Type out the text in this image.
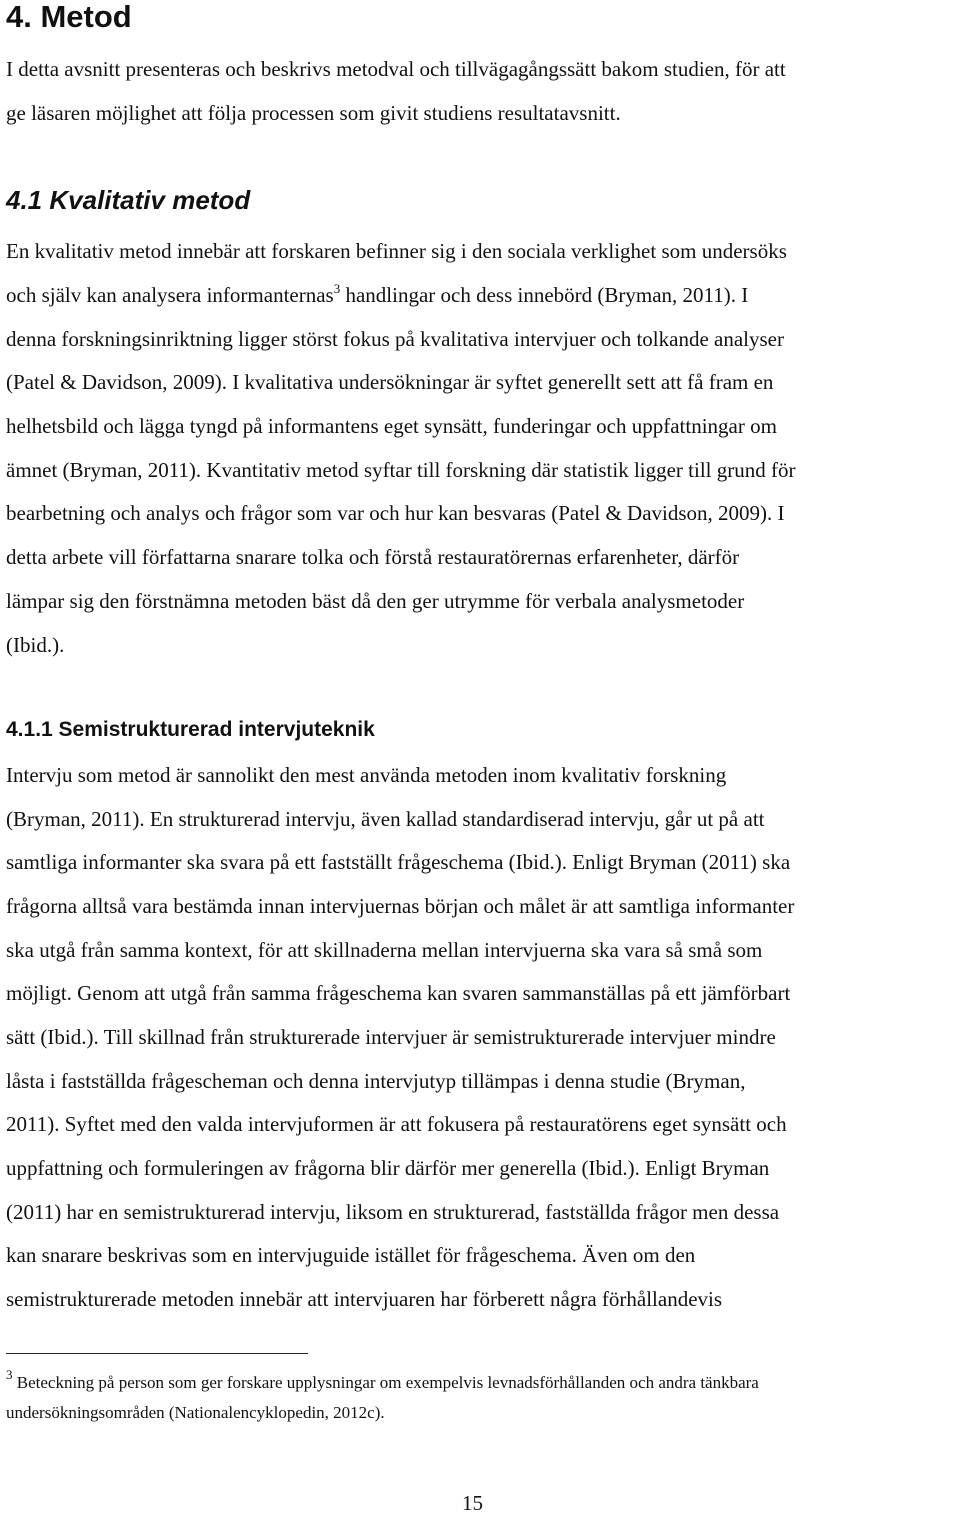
4. Metod

I detta avsnitt presenteras och beskrivs metodval och tillvägagångssätt bakom studien, för att

ge läsaren möjlighet att följa processen som givit studiens resultatavsnitt.

4.1 Kvalitativ metod

En kvalitativ metod innebär att forskaren befinner sig i den sociala verklighet som undersöks

och själv kan analysera informanternas$^3$ handlingar och dess innebörd (Bryman, 2011). I

denna forskningsinriktning ligger störst fokus på kvalitativa intervjuer och tolkande analyser

(Patel & Davidson, 2009). I kvalitativa undersökningar är syftet generellt sett att få fram en

helhetsbild och lägga tyngd på informantens eget synsätt, funderingar och uppfattningar om

ämnet (Bryman, 2011). Kvantitativ metod syftar till forskning där statistik ligger till grund för

bearbetning och analys och frågor som var och hur kan besvaras (Patel & Davidson, 2009). I

detta arbete vill författarna snarare tolka och förstå restauratörernas erfarenheter, därför

lämpar sig den förstnämna metoden bäst då den ger utrymme för verbala analysmetoder

(Ibid.).

4.1.1 Semistrukturerad intervjuteknik

Intervju som metod är sannolikt den mest använda metoden inom kvalitativ forskning

(Bryman, 2011). En strukturerad intervju, även kallad standardiserad intervju, går ut på att

samtliga informanter ska svara på ett fastställt frågeschema (Ibid.). Enligt Bryman (2011) ska

frågorna alltså vara bestämda innan intervjuernas början och målet är att samtliga informanter

ska utgå från samma kontext, för att skillnaderna mellan intervjuerna ska vara så små som

möjligt. Genom att utgå från samma frågeschema kan svaren sammanställas på ett jämförbart

sätt (Ibid.). Till skillnad från strukturerade intervjuer är semistrukturerade intervjuer mindre

låsta i fastställda frågescheman och denna intervjutyp tillämpas i denna studie (Bryman,

2011). Syftet med den valda intervjuformen är att fokusera på restauratörens eget synsätt och

uppfattning och formuleringen av frågorna blir därför mer generella (Ibid.). Enligt Bryman

(2011) har en semistrukturerad intervju, liksom en strukturerad, fastställda frågor men dessa

kan snarare beskrivas som en intervjuguide istället för frågeschema. Även om den

semistrukturerade metoden innebär att intervjuaren har förberett några förhållandevis

$^3$ Beteckning på person som ger forskare upplysningar om exempelvis levnadsförhållanden och andra tänkbara

undersökningsområden (Nationalencyklopedin, 2012c).

15
